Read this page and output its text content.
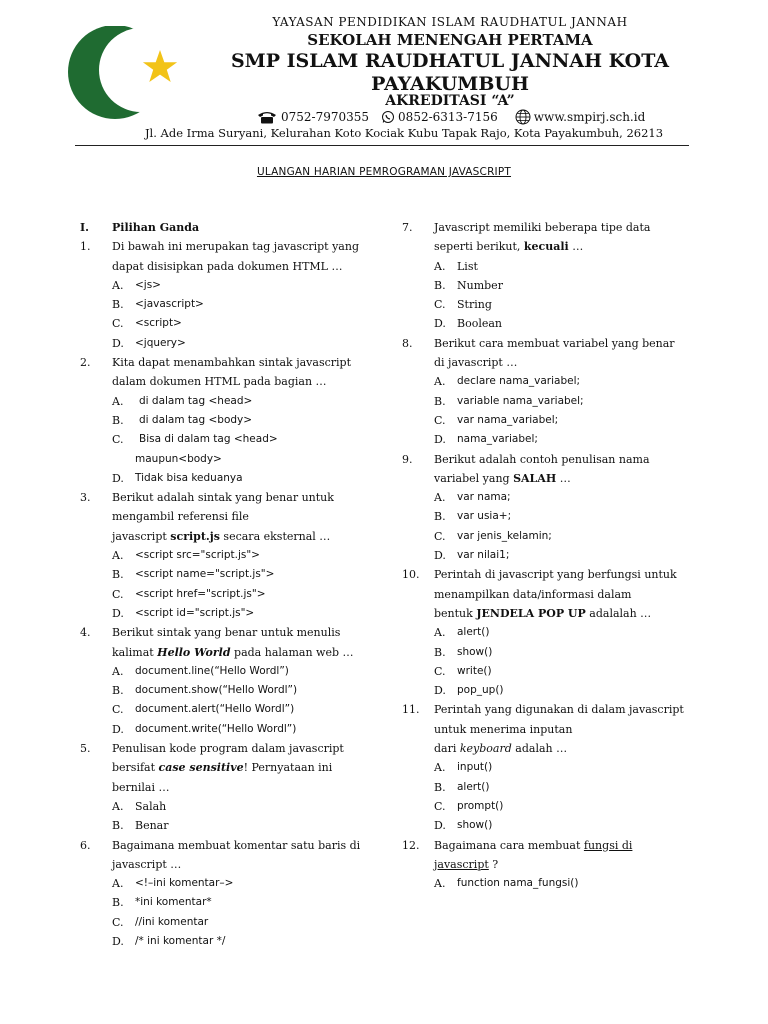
YAYASAN PENDIDIKAN ISLAM RAUDHATUL JANNAH
SEKOLAH MENENGAH PERTAMA
SMP ISLAM RAUDHATUL JANNAH KOTA
PAYAKUMBUH
AKREDITASI “A”
0752-7970355 0852-6313-7156	www.smpirj.sch.id
Jl. Ade Irma Suryani, Kelurahan Koto Kociak Kubu Tapak Rajo, Kota Payakumbuh, 26213
ULANGAN HARIAN PEMROGRAMAN JAVASCRIPT
I.	Pilihan Ganda
1.	Di bawah ini merupakan tag javascript yang
dapat disisipkan pada dokumen HTML …
A.	<js>
B.	<javascript>
C.	<script>
D.	<jquery>
2.	Kita dapat menambahkan sintak javascript
dalam dokumen HTML pada bagian …
A.	di dalam tag <head>
B.	di dalam tag <body>
C.	Bisa di dalam tag <head>
maupun<body>
D.	Tidak bisa keduanya
3.	Berikut adalah sintak yang benar untuk
mengambil referensi file
javascript script.js secara eksternal …
A.	<script src="script.js">
B.	<script name="script.js">
C.	<script href="script.js">
D.	<script id="script.js">
4.	Berikut sintak yang benar untuk menulis
kalimat Hello World pada halaman web …
A.	document.line(“Hello Wordl”)
B.	document.show(“Hello Wordl”)
C.	document.alert(“Hello Wordl”)
D.	document.write(“Hello Wordl”)
5.	Penulisan kode program dalam javascript
bersifat case sensitive! Pernyataan ini
bernilai …
A.	Salah
B.	Benar
6.	Bagaimana membuat komentar satu baris di
javascript …
A.	<!–ini komentar–>
B.	*ini komentar*
C.	//ini komentar
D.	/* ini komentar */
7.	Javascript memiliki beberapa tipe data
seperti berikut, kecuali …
A.	List
B.	Number
C.	String
D.	Boolean
8.	Berikut cara membuat variabel yang benar
di javascript …
A.	declare nama_variabel;
B.	variable nama_variabel;
C.	var nama_variabel;
D.	nama_variabel;
9.	Berikut adalah contoh penulisan nama
variabel yang SALAH …
A.	var nama;
B.	var usia+;
C.	var jenis_kelamin;
D.	var nilai1;
10.	Perintah di javascript yang berfungsi untuk
menampilkan data/informasi dalam
bentuk JENDELA POP UP adalalah …
A.	alert()
B.	show()
C.	write()
D.	pop_up()
11.	Perintah yang digunakan di dalam javascript
untuk menerima inputan
dari keyboard adalah …
A.	input()
B.	alert()
C.	prompt()
D.	show()
12.	Bagaimana cara membuat fungsi di
javascript ?
A.	function nama_fungsi()
